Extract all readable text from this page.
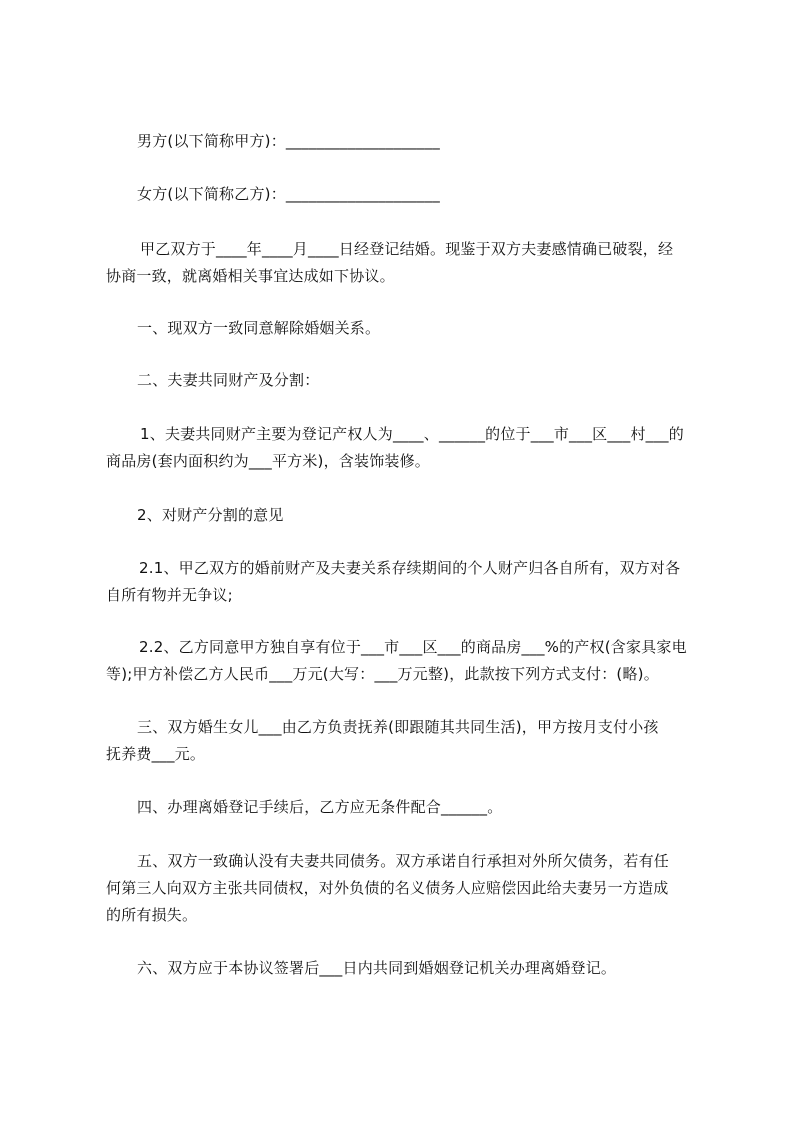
男方(以下简称甲方)：____________________
女方(以下简称乙方)：____________________
甲乙双方于____年____月____日经登记结婚。现鉴于双方夫妻感情确已破裂，经
协商一致，就离婚相关事宜达成如下协议。
一、现双方一致同意解除婚姻关系。
二、夫妻共同财产及分割：
1、夫妻共同财产主要为登记产权人为____、______的位于___市___区___村___的
商品房(套内面积约为___平方米)，含装饰装修。
2、对财产分割的意见
2.1、甲乙双方的婚前财产及夫妻关系存续期间的个人财产归各自所有，双方对各
自所有物并无争议;
2.2、乙方同意甲方独自享有位于___市___区___的商品房___%的产权(含家具家电
等);甲方补偿乙方人民币___万元(大写：___万元整)，此款按下列方式支付：(略)。
三、双方婚生女儿___由乙方负责抚养(即跟随其共同生活)，甲方按月支付小孩
抚养费___元。
四、办理离婚登记手续后，乙方应无条件配合______。
五、双方一致确认没有夫妻共同债务。双方承诺自行承担对外所欠债务，若有任
何第三人向双方主张共同债权，对外负债的名义债务人应赔偿因此给夫妻另一方造成
的所有损失。
六、双方应于本协议签署后___日内共同到婚姻登记机关办理离婚登记。
